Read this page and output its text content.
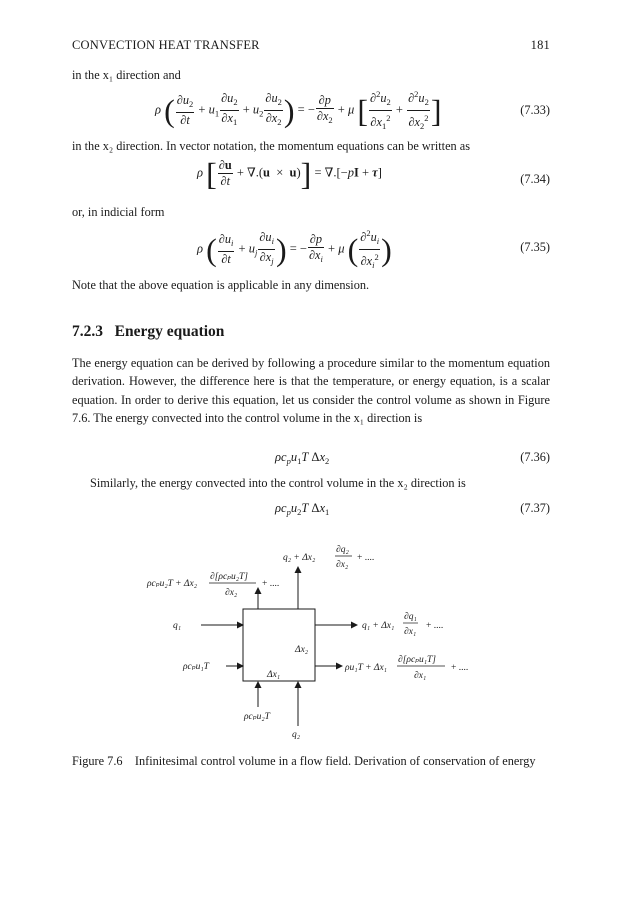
CONVECTION HEAT TRANSFER	181
in the x₁ direction and
ρ ( $\frac{\partial u_2}{\partial t} + u_1 \frac{\partial u_2}{\partial x_1} + u_2 \frac{\partial u_2}{\partial x_2}$ ) = − $\frac{\partial p}{\partial x_2} + \mu$ [ $\frac{\partial^2u_2}{\partial x_1^2} + \frac{\partial^2u_2}{\partial x_2^2}$ ]	(7.33)
in the x₂ direction. In vector notation, the momentum equations can be written as
ρ [ $\frac{\partial u}{\partial t} + \nabla.(u \times u)] = \nabla.[-pI + \tau]$	(7.34)
or, in indicial form
ρ ( $\frac{\partial u_i}{\partial t} + u_j \frac{\partial u_i}{\partial x_j}$ ) = − $\frac{\partial p}{\partial x_i} + \mu$ ( $\frac{\partial^2u_i}{\partial x_i^2}$ )	(7.35)
Note that the above equation is applicable in any dimension.
7.2.3 Energy equation
The energy equation can be derived by following a procedure similar to the momentum equation derivation. However, the difference here is that the temperature, or energy equation, is a scalar equation. In order to derive this equation, let us consider the control volume as shown in Figure 7.6. The energy convected into the control volume in the x₁ direction is
$\rho c_pu_1T$ $\Delta x_2$	(7.36)
Similarly, the energy convected into the control volume in the x₂ direction is
$\rho c_pu_2T$ $\Delta x_1$	(7.37)
q₂ + Δx₂
∂q₂
∂x₂
+ ....
ρcₚu₂T + Δx₂
∂[ρcₚu₂T]
∂x₂
+ ....
q₁	q₁ + Δx₁
∂q₁
∂x₁
+ ....
Δx₂
Δx₁
ρcₚu₁T	ρu₁T + Δx₁
∂[ρcₚu₁T]
∂x₁
+ ....
ρcₚu₂T
q₂
Figure 7.6 Infinitesimal control volume in a flow field. Derivation of conservation of energy
